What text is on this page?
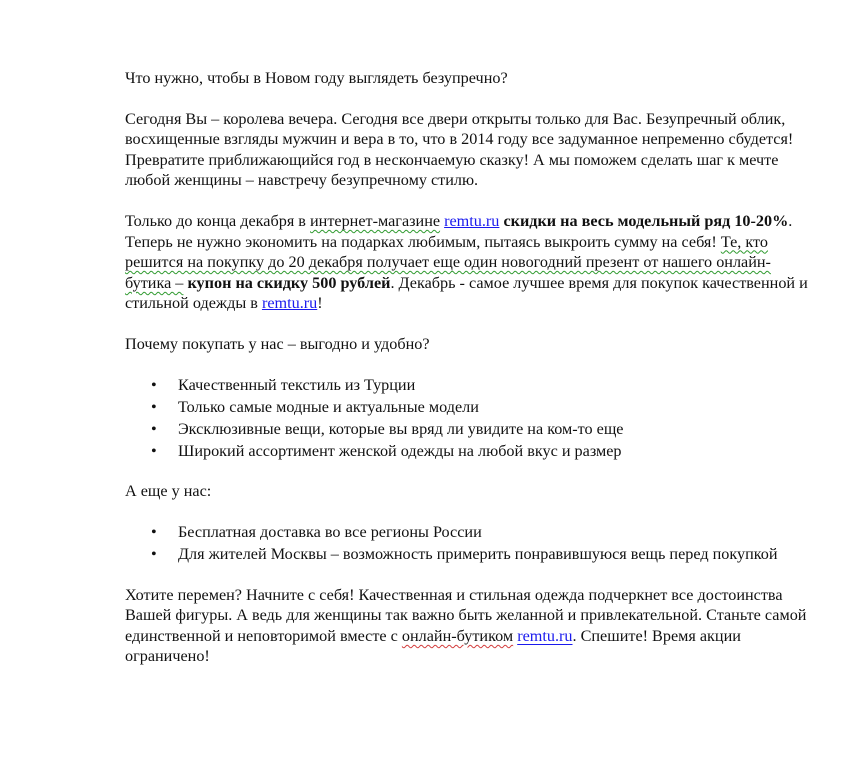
Что нужно, чтобы в Новом году выглядеть безупречно?

Сегодня Вы – королева вечера. Сегодня все двери открыты только для Вас. Безупречный облик, восхищенные взгляды мужчин и вера в то, что в 2014 году все задуманное непременно сбудется! Превратите приближающийся год в нескончаемую сказку! А мы поможем сделать шаг к мечте любой женщины – навстречу безупречному стилю.

Только до конца декабря в интернет-магазине remtu.ru скидки на весь модельный ряд 10-20%. Теперь не нужно экономить на подарках любимым, пытаясь выкроить сумму на себя! Те, кто решится на покупку до 20 декабря получает еще один новогодний презент от нашего онлайн-бутика – купон на скидку 500 рублей. Декабрь - самое лучшее время для покупок качественной и стильной одежды в remtu.ru!

Почему покупать у нас – выгодно и удобно?

• Качественный текстиль из Турции
• Только самые модные и актуальные модели
• Эксклюзивные вещи, которые вы вряд ли увидите на ком-то еще
• Широкий ассортимент женской одежды на любой вкус и размер

А еще у нас:

• Бесплатная доставка во все регионы России
• Для жителей Москвы – возможность примерить понравившуюся вещь перед покупкой

Хотите перемен? Начните с себя! Качественная и стильная одежда подчеркнет все достоинства Вашей фигуры. А ведь для женщины так важно быть желанной и привлекательной. Станьте самой единственной и неповторимой вместе с онлайн-бутиком remtu.ru. Спешите! Время акции ограничено!
